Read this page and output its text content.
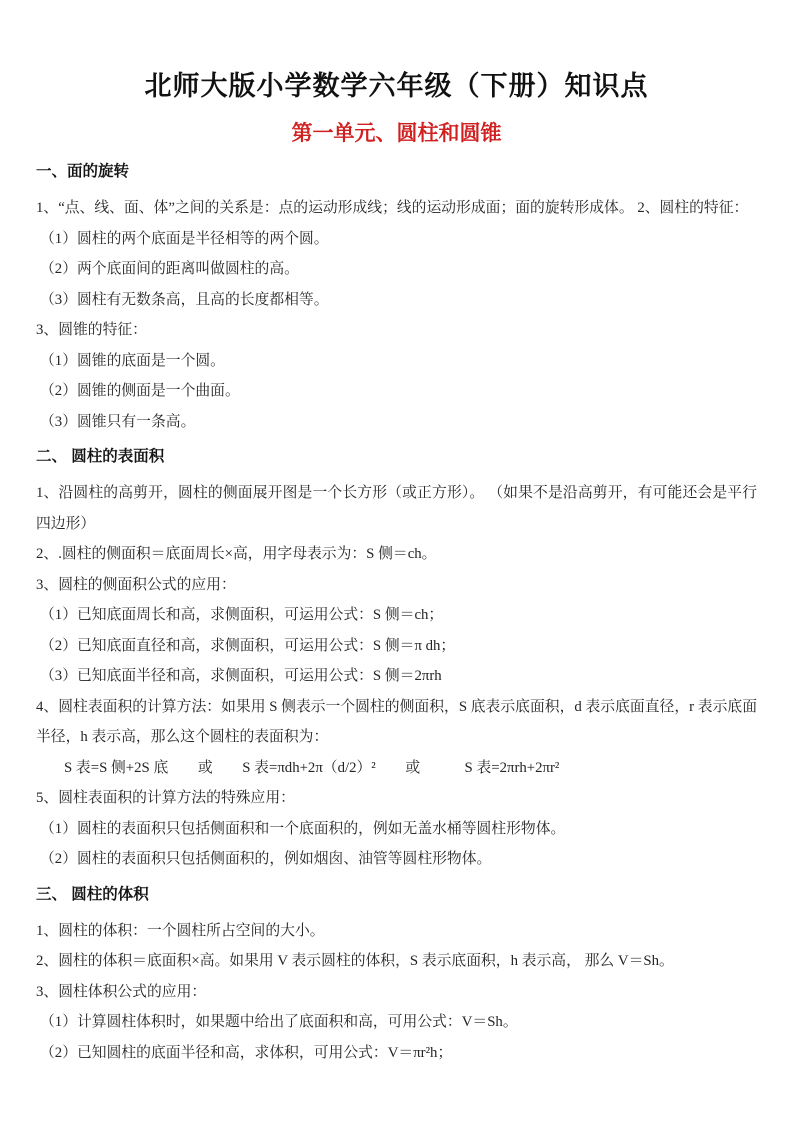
北师大版小学数学六年级（下册）知识点
第一单元、圆柱和圆锥
一、面的旋转

1、“点、线、面、体”之间的关系是：点的运动形成线；线的运动形成面；面的旋转形成体。 2、圆柱的特征：

（1）圆柱的两个底面是半径相等的两个圆。

（2）两个底面间的距离叫做圆柱的高。

（3）圆柱有无数条高，且高的长度都相等。

3、圆锥的特征：

（1）圆锥的底面是一个圆。

（2）圆锥的侧面是一个曲面。

（3）圆锥只有一条高。

二、 圆柱的表面积

1、沿圆柱的高剪开，圆柱的侧面展开图是一个长方形（或正方形）。 （如果不是沿高剪开，有可能还会是平行四边形）

2、.圆柱的侧面积＝底面周长×高，用字母表示为：S 侧＝ch。

3、圆柱的侧面积公式的应用：

（1）已知底面周长和高，求侧面积，可运用公式：S 侧＝ch；

（2）已知底面直径和高，求侧面积，可运用公式：S 侧＝π dh；

（3）已知底面半径和高，求侧面积，可运用公式：S 侧＝2πrh

4、圆柱表面积的计算方法：如果用 S 侧表示一个圆柱的侧面积，S 底表示底面积，d 表示底面直径，r 表示底面半径，h 表示高，那么这个圆柱的表面积为：

S 表=S 侧+2S 底　　或　　S 表=πdh+2π（d/2）²　　或　　　S 表=2πrh+2πr²

5、圆柱表面积的计算方法的特殊应用：

（1）圆柱的表面积只包括侧面积和一个底面积的，例如无盖水桶等圆柱形物体。

（2）圆柱的表面积只包括侧面积的，例如烟囱、油管等圆柱形物体。

三、 圆柱的体积

1、圆柱的体积：一个圆柱所占空间的大小。

2、圆柱的体积＝底面积×高。如果用 V 表示圆柱的体积，S 表示底面积，h 表示高， 那么 V＝Sh。

3、圆柱体积公式的应用：

（1）计算圆柱体积时，如果题中给出了底面积和高，可用公式：V＝Sh。

（2）已知圆柱的底面半径和高，求体积，可用公式：V＝πr²h；
